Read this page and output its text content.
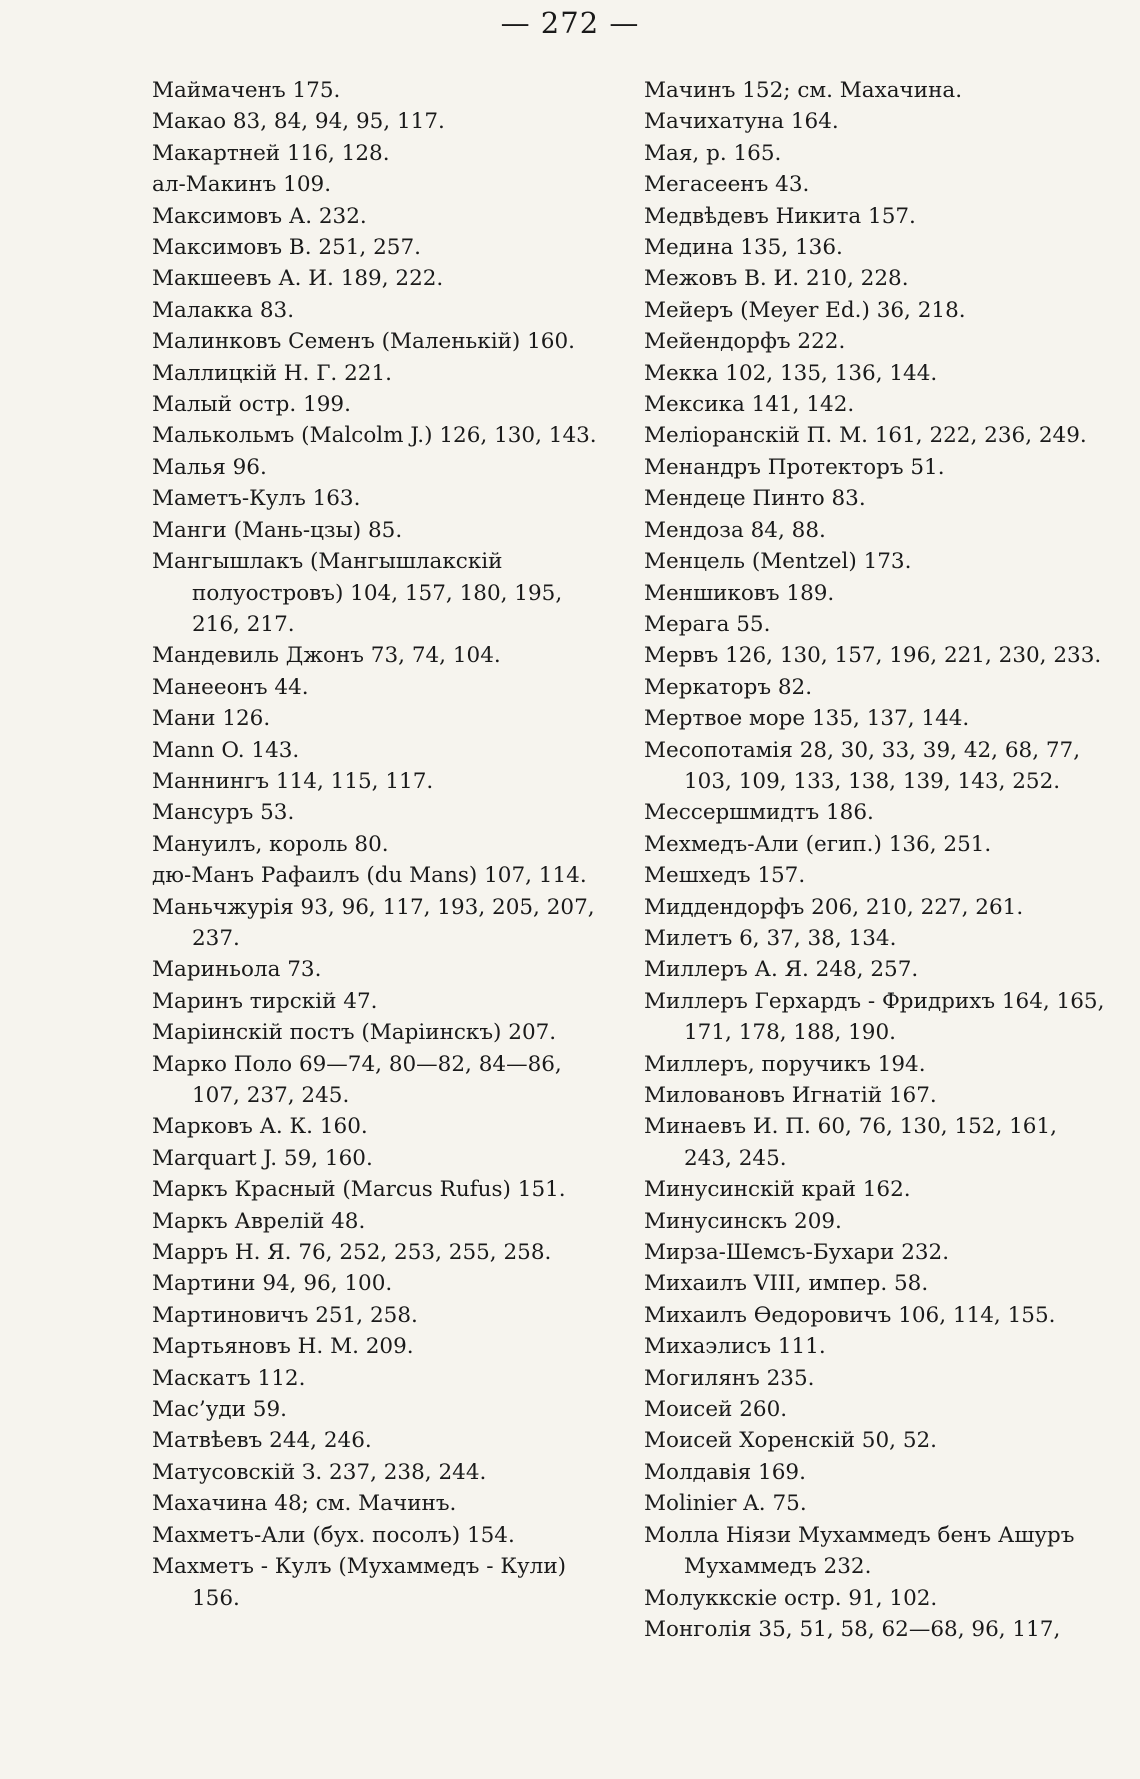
— 272 —
Маймаченъ 175.
Макао 83, 84, 94, 95, 117.
Макартней 116, 128.
ал-Макинъ 109.
Максимовъ А. 232.
Максимовъ В. 251, 257.
Макшеевъ А. И. 189, 222.
Малакка 83.
Малинковъ Семенъ (Маленькій) 160.
Маллицкій Н. Г. 221.
Малый остр. 199.
Малькольмъ (Malcolm J.) 126, 130, 143.
Малья 96.
Маметъ-Кулъ 163.
Манги (Мань-цзы) 85.
Мангышлакъ (Мангышлакскій полуостровъ) 104, 157, 180, 195, 216, 217.
Мандевиль Джонъ 73, 74, 104.
Манееонъ 44.
Мани 126.
Mann O. 143.
Маннингъ 114, 115, 117.
Мансуръ 53.
Мануилъ, король 80.
дю-Манъ Рафаилъ (du Mans) 107, 114.
Маньчжурія 93, 96, 117, 193, 205, 207, 237.
Мариньола 73.
Маринъ тирскій 47.
Маріинскій постъ (Маріинскъ) 207.
Марко Поло 69—74, 80—82, 84—86, 107, 237, 245.
Марковъ А. К. 160.
Marquart J. 59, 160.
Маркъ Красный (Marcus Rufus) 151.
Маркъ Аврелій 48.
Марръ Н. Я. 76, 252, 253, 255, 258.
Мартини 94, 96, 100.
Мартиновичъ 251, 258.
Мартьяновъ Н. М. 209.
Маскатъ 112.
Мас’уди 59.
Матвѣевъ 244, 246.
Матусовскій З. 237, 238, 244.
Махачина 48; см. Мачинъ.
Махметъ-Али (бух. посолъ) 154.
Махметъ - Кулъ (Мухаммедъ - Кули) 156.
Мачинъ 152; см. Махачина.
Мачихатуна 164.
Мая, р. 165.
Мегасеенъ 43.
Медвѣдевъ Никита 157.
Медина 135, 136.
Межовъ В. И. 210, 228.
Мейеръ (Meyer Ed.) 36, 218.
Мейендорфъ 222.
Мекка 102, 135, 136, 144.
Мексика 141, 142.
Меліоранскій П. М. 161, 222, 236, 249.
Менандръ Протекторъ 51.
Мендеце Пинто 83.
Мендоза 84, 88.
Менцель (Mentzel) 173.
Меншиковъ 189.
Мерага 55.
Мервъ 126, 130, 157, 196, 221, 230, 233.
Меркаторъ 82.
Мертвое море 135, 137, 144.
Месопотамія 28, 30, 33, 39, 42, 68, 77, 103, 109, 133, 138, 139, 143, 252.
Мессершмидтъ 186.
Мехмедъ-Али (егип.) 136, 251.
Мешхедъ 157.
Миддендорфъ 206, 210, 227, 261.
Милетъ 6, 37, 38, 134.
Миллеръ А. Я. 248, 257.
Миллеръ Герхардъ - Фридрихъ 164, 165, 171, 178, 188, 190.
Миллеръ, поручикъ 194.
Миловановъ Игнатій 167.
Минаевъ И. П. 60, 76, 130, 152, 161, 243, 245.
Минусинскій край 162.
Минусинскъ 209.
Мирза-Шемсъ-Бухари 232.
Михаилъ VIII, импер. 58.
Михаилъ Өедоровичъ 106, 114, 155.
Михаэлисъ 111.
Могилянъ 235.
Моисей 260.
Моисей Хоренскій 50, 52.
Молдавія 169.
Molinier A. 75.
Молла Нiязи Мухаммедъ бенъ Ашуръ Мухаммедъ 232.
Молуккскіе остр. 91, 102.
Монголія 35, 51, 58, 62—68, 96, 117,
